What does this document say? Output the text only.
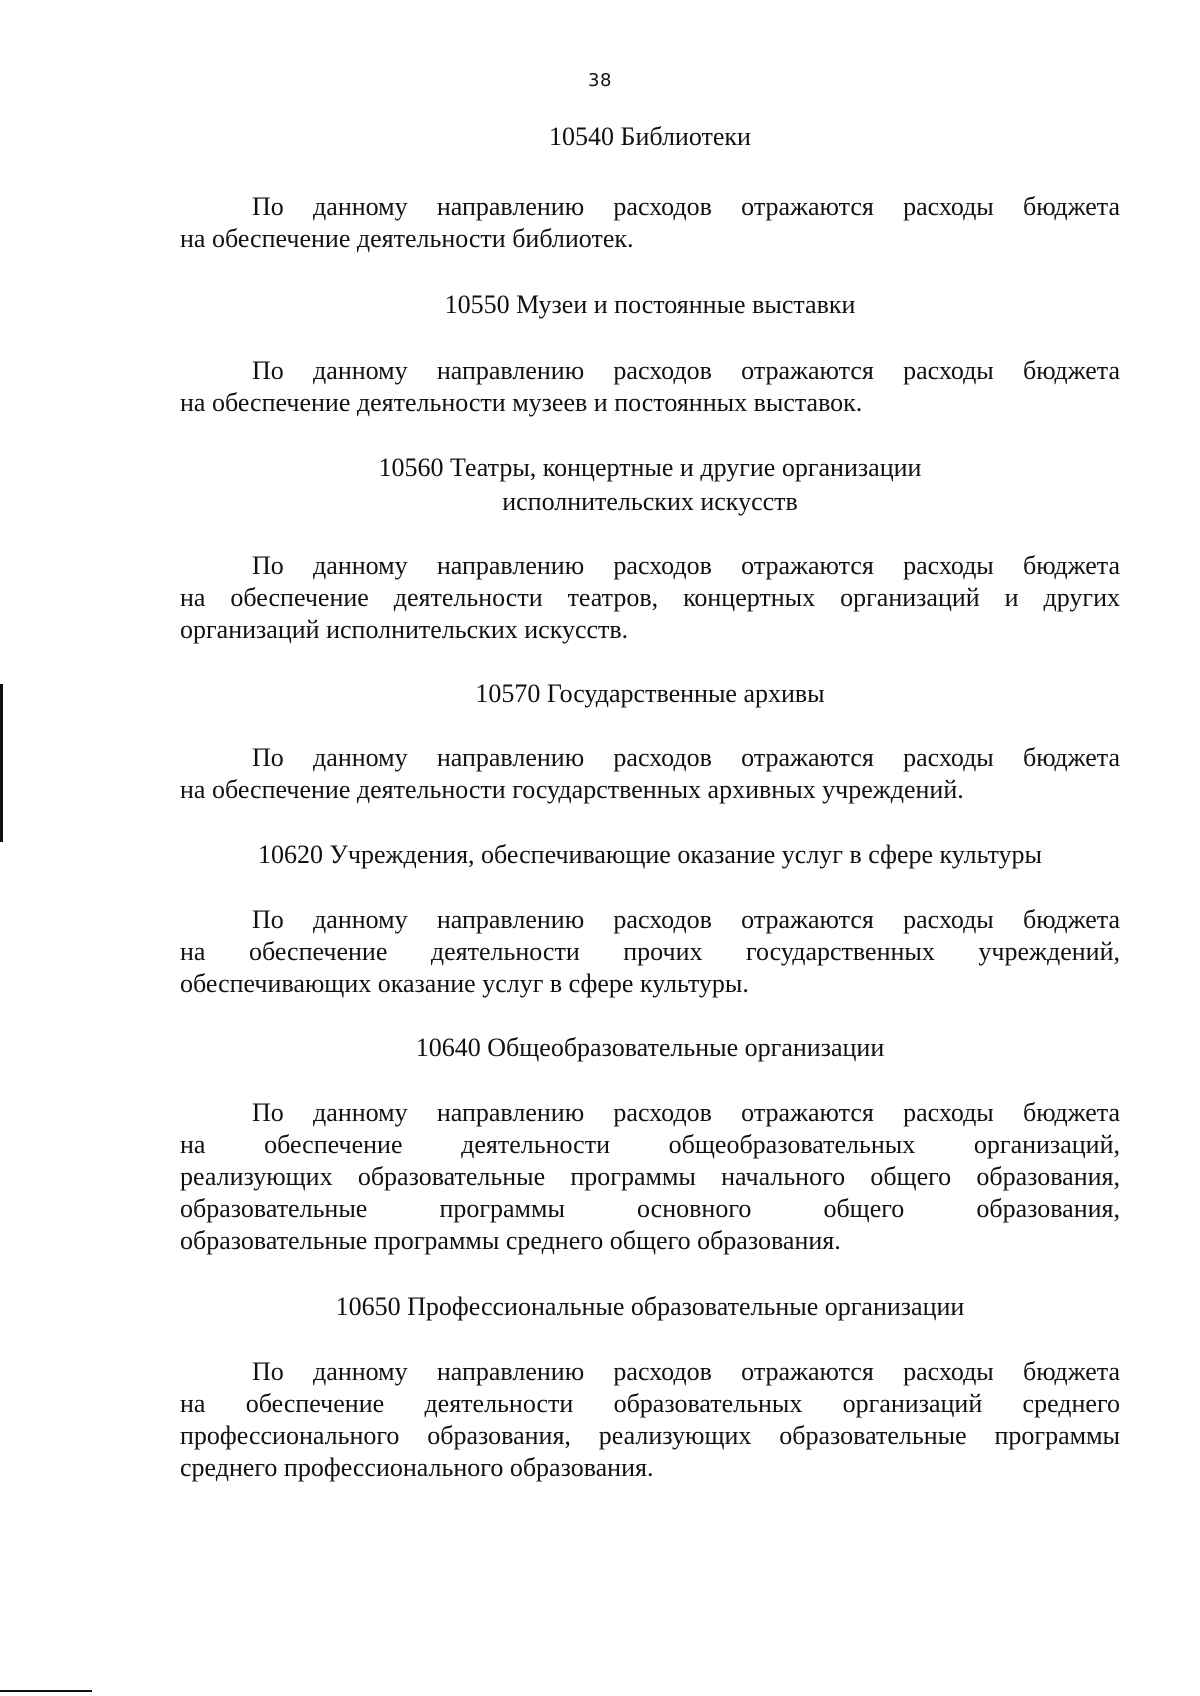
38
10540 Библиотеки
По данному направлению расходов отражаются расходы бюджета
на обеспечение деятельности библиотек.
10550 Музеи и постоянные выставки
По данному направлению расходов отражаются расходы бюджета
на обеспечение деятельности музеев и постоянных выставок.
10560 Театры, концертные и другие организации
исполнительских искусств
По данному направлению расходов отражаются расходы бюджета
на обеспечение деятельности театров, концертных организаций и других
организаций исполнительских искусств.
10570 Государственные архивы
По данному направлению расходов отражаются расходы бюджета
на обеспечение деятельности государственных архивных учреждений.
10620 Учреждения, обеспечивающие оказание услуг в сфере культуры
По данному направлению расходов отражаются расходы бюджета
на обеспечение деятельности прочих государственных учреждений,
обеспечивающих оказание услуг в сфере культуры.
10640 Общеобразовательные организации
По данному направлению расходов отражаются расходы бюджета
на обеспечение деятельности общеобразовательных организаций,
реализующих образовательные программы начального общего образования,
образовательные программы основного общего образования,
образовательные программы среднего общего образования.
10650 Профессиональные образовательные организации
По данному направлению расходов отражаются расходы бюджета
на обеспечение деятельности образовательных организаций среднего
профессионального образования, реализующих образовательные программы
среднего профессионального образования.
